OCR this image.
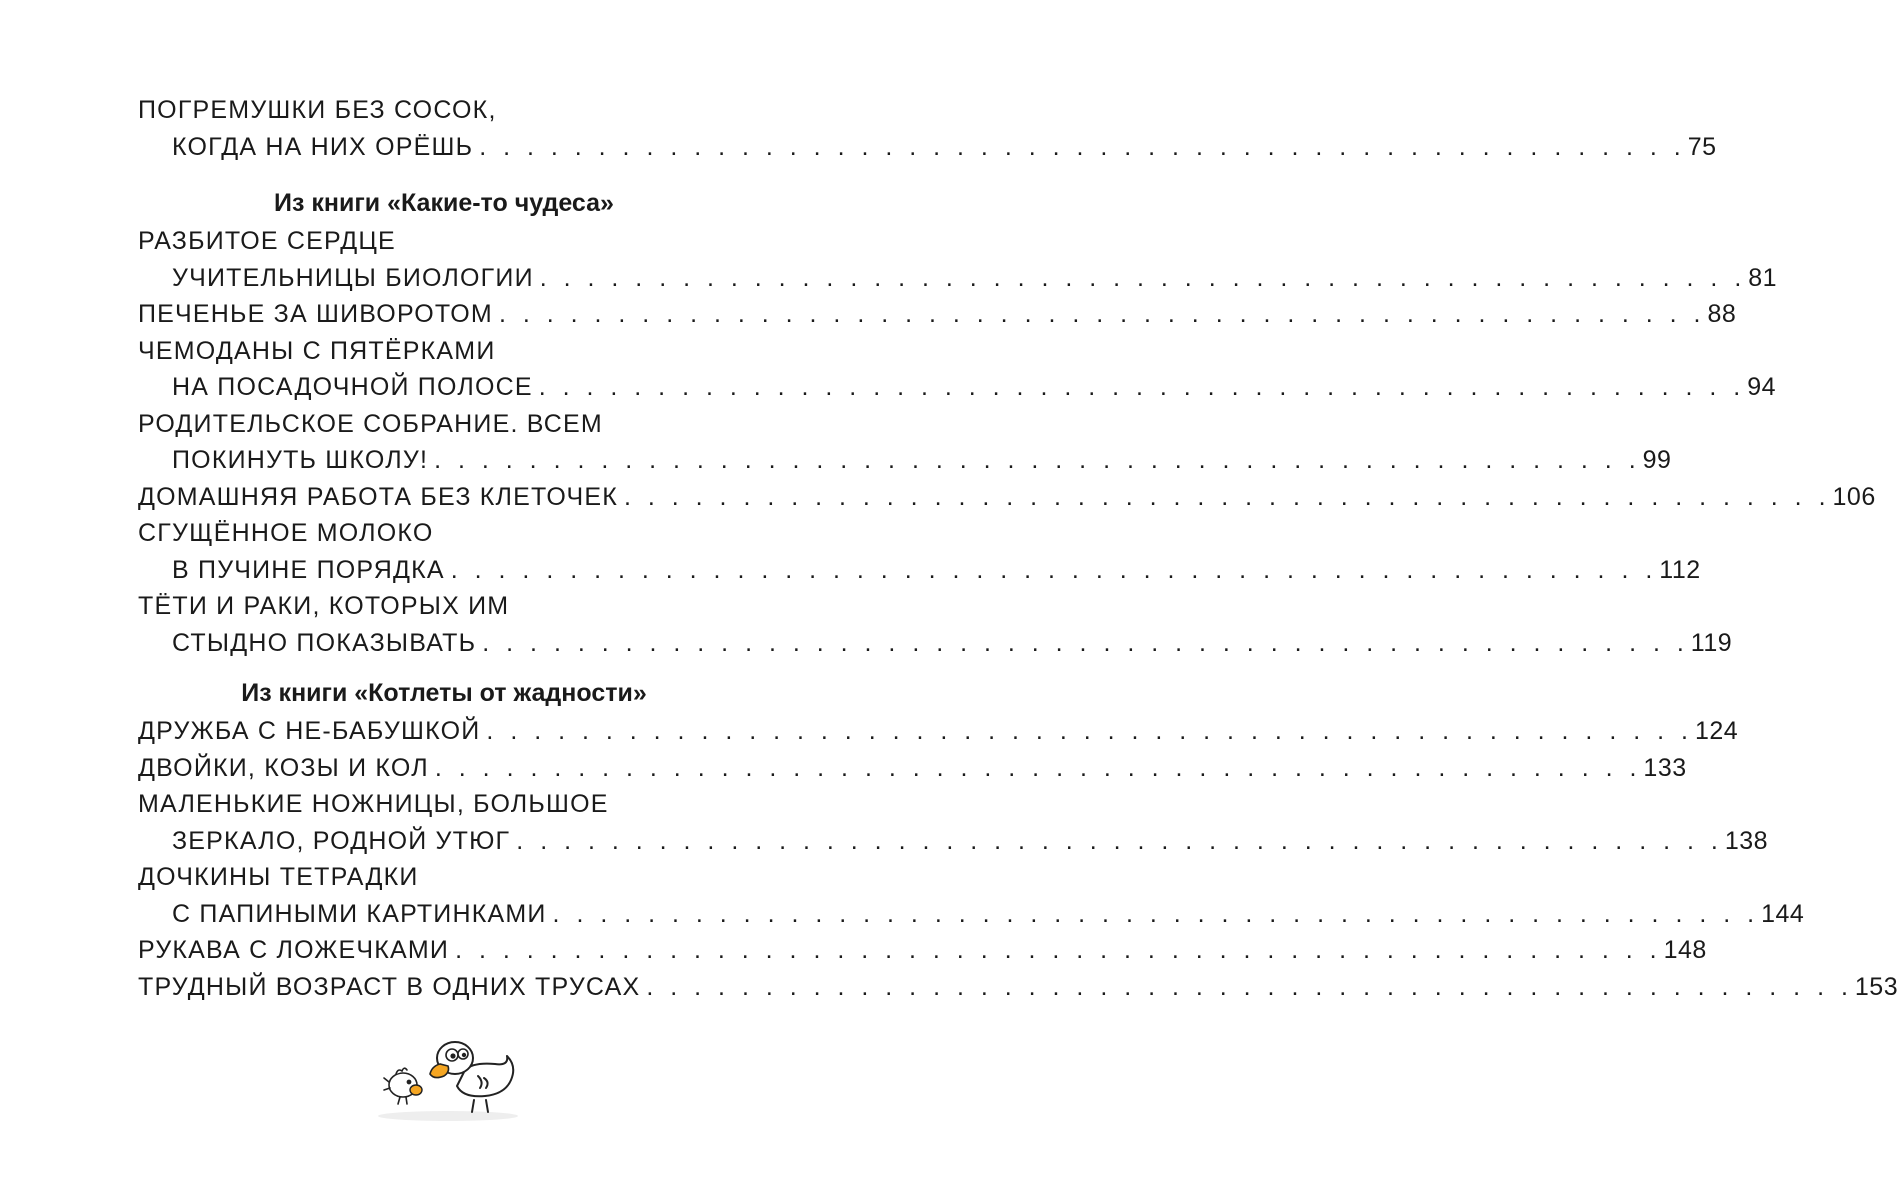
ПОГРЕМУШКИ БЕЗ СОСОК,
КОГДА НА НИХ ОРЁШЬ . . . . . . . . . . . . . . . . . . . . . . . . . . . . . . . . . . . . . . . . . . . . . . . . . . . 75
Из книги «Какие-то чудеса»
РАЗБИТОЕ СЕРДЦЕ
УЧИТЕЛЬНИЦЫ БИОЛОГИИ . . . . . . . . . . . . . . . . . . . . . . . . . . . . . . . . . . . . . . . . . . . . . . . . . . . 81
ПЕЧЕНЬЕ ЗА ШИВОРОТОМ . . . . . . . . . . . . . . . . . . . . . . . . . . . . . . . . . . . . . . . . . . . . . . . . . . . 88
ЧЕМОДАНЫ С ПЯТЁРКАМИ
НА ПОСАДОЧНОЙ ПОЛОСЕ . . . . . . . . . . . . . . . . . . . . . . . . . . . . . . . . . . . . . . . . . . . . . . . . . . . 94
РОДИТЕЛЬСКОЕ СОБРАНИЕ. ВСЕМ
ПОКИНУТЬ ШКОЛУ! . . . . . . . . . . . . . . . . . . . . . . . . . . . . . . . . . . . . . . . . . . . . . . . . . . . 99
ДОМАШНЯЯ РАБОТА БЕЗ КЛЕТОЧЕК . . . . . . . . . . . . . . . . . . . . . . . . . . . . . . . . . . . . . . . . . . . . . . . . . . . 106
СГУЩЁННОЕ МОЛОКО
В ПУЧИНЕ ПОРЯДКА . . . . . . . . . . . . . . . . . . . . . . . . . . . . . . . . . . . . . . . . . . . . . . . . . . . 112
ТЁТИ И РАКИ, КОТОРЫХ ИМ
СТЫДНО ПОКАЗЫВАТЬ . . . . . . . . . . . . . . . . . . . . . . . . . . . . . . . . . . . . . . . . . . . . . . . . . . . 119
Из книги «Котлеты от жадности»
ДРУЖБА С НЕ-БАБУШКОЙ . . . . . . . . . . . . . . . . . . . . . . . . . . . . . . . . . . . . . . . . . . . . . . . . . . . 124
ДВОЙКИ, КОЗЫ И КОЛ . . . . . . . . . . . . . . . . . . . . . . . . . . . . . . . . . . . . . . . . . . . . . . . . . . . 133
МАЛЕНЬКИЕ НОЖНИЦЫ, БОЛЬШОЕ
ЗЕРКАЛО, РОДНОЙ УТЮГ . . . . . . . . . . . . . . . . . . . . . . . . . . . . . . . . . . . . . . . . . . . . . . . . . . . 138
ДОЧКИНЫ ТЕТРАДКИ
С ПАПИНЫМИ КАРТИНКАМИ . . . . . . . . . . . . . . . . . . . . . . . . . . . . . . . . . . . . . . . . . . . . . . . . . . . 144
РУКАВА С ЛОЖЕЧКАМИ . . . . . . . . . . . . . . . . . . . . . . . . . . . . . . . . . . . . . . . . . . . . . . . . . . . 148
ТРУДНЫЙ ВОЗРАСТ В ОДНИХ ТРУСАХ . . . . . . . . . . . . . . . . . . . . . . . . . . . . . . . . . . . . . . . . . . . . . . . . . . . 153
